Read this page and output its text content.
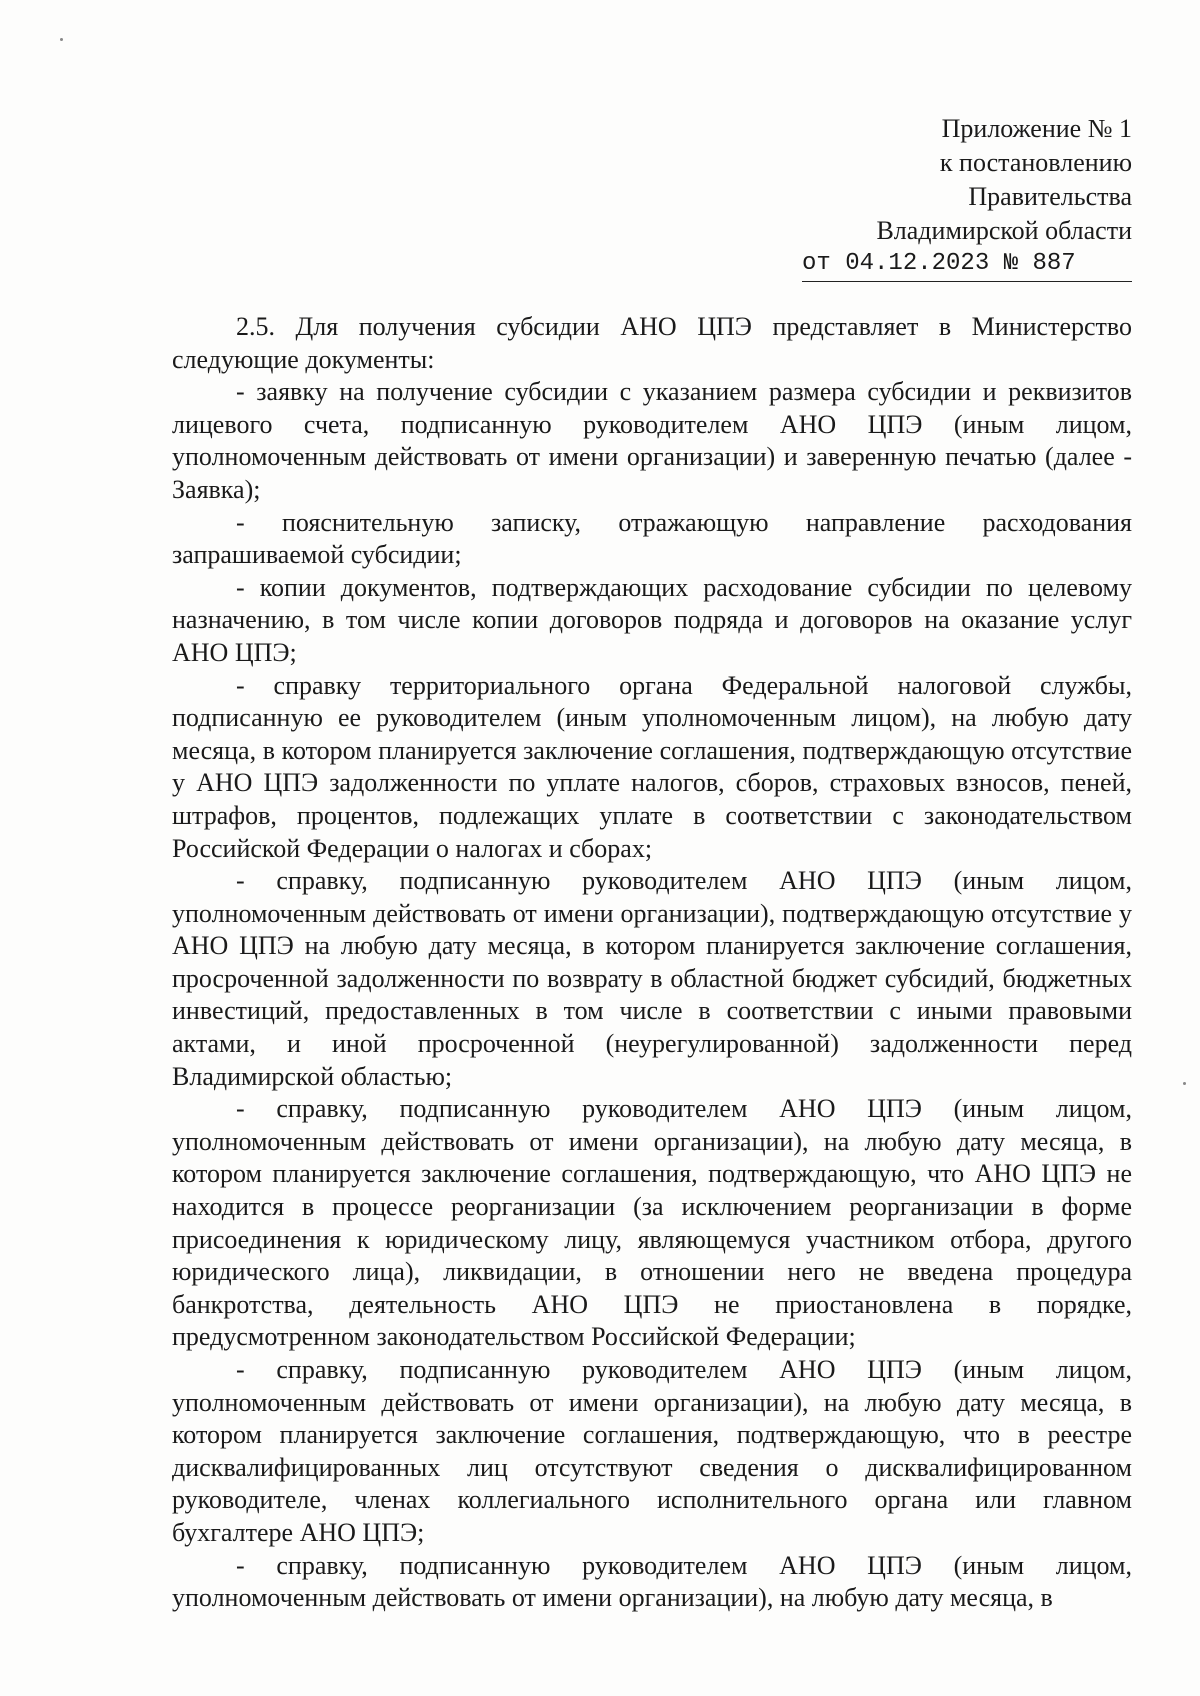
Приложение № 1
к постановлению
Правительства
Владимирской области
от 04.12.2023 № 887

2.5. Для получения субсидии АНО ЦПЭ представляет в Министерство следующие документы:

- заявку на получение субсидии с указанием размера субсидии и реквизитов лицевого счета, подписанную руководителем АНО ЦПЭ (иным лицом, уполномоченным действовать от имени организации) и заверенную печатью (далее - Заявка);

- пояснительную записку, отражающую направление расходования запрашиваемой субсидии;

- копии документов, подтверждающих расходование субсидии по целевому назначению, в том числе копии договоров подряда и договоров на оказание услуг АНО ЦПЭ;

- справку территориального органа Федеральной налоговой службы, подписанную ее руководителем (иным уполномоченным лицом), на любую дату месяца, в котором планируется заключение соглашения, подтверждающую отсутствие у АНО ЦПЭ задолженности по уплате налогов, сборов, страховых взносов, пеней, штрафов, процентов, подлежащих уплате в соответствии с законодательством Российской Федерации о налогах и сборах;

- справку, подписанную руководителем АНО ЦПЭ (иным лицом, уполномоченным действовать от имени организации), подтверждающую отсутствие у АНО ЦПЭ на любую дату месяца, в котором планируется заключение соглашения, просроченной задолженности по возврату в областной бюджет субсидий, бюджетных инвестиций, предоставленных в том числе в соответствии с иными правовыми актами, и иной просроченной (неурегулированной) задолженности перед Владимирской областью;

- справку, подписанную руководителем АНО ЦПЭ (иным лицом, уполномоченным действовать от имени организации), на любую дату месяца, в котором планируется заключение соглашения, подтверждающую, что АНО ЦПЭ не находится в процессе реорганизации (за исключением реорганизации в форме присоединения к юридическому лицу, являющемуся участником отбора, другого юридического лица), ликвидации, в отношении него не введена процедура банкротства, деятельность АНО ЦПЭ не приостановлена в порядке, предусмотренном законодательством Российской Федерации;

- справку, подписанную руководителем АНО ЦПЭ (иным лицом, уполномоченным действовать от имени организации), на любую дату месяца, в котором планируется заключение соглашения, подтверждающую, что в реестре дисквалифицированных лиц отсутствуют сведения о дисквалифицированном руководителе, членах коллегиального исполнительного органа или главном бухгалтере АНО ЦПЭ;

- справку, подписанную руководителем АНО ЦПЭ (иным лицом, уполномоченным действовать от имени организации), на любую дату месяца, в
